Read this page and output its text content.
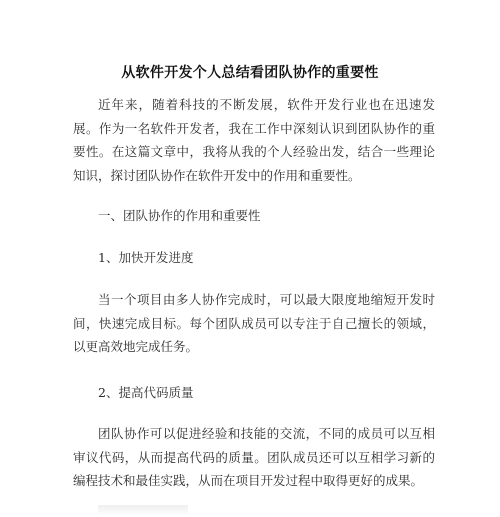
从软件开发个人总结看团队协作的重要性

近年来，随着科技的不断发展，软件开发行业也在迅速发展。作为一名软件开发者，我在工作中深刻认识到团队协作的重要性。在这篇文章中，我将从我的个人经验出发，结合一些理论知识，探讨团队协作在软件开发中的作用和重要性。

一、团队协作的作用和重要性

1、加快开发进度

当一个项目由多人协作完成时，可以最大限度地缩短开发时间，快速完成目标。每个团队成员可以专注于自己擅长的领域，以更高效地完成任务。

2、提高代码质量

团队协作可以促进经验和技能的交流，不同的成员可以互相审议代码，从而提高代码的质量。团队成员还可以互相学习新的编程技术和最佳实践，从而在项目开发过程中取得更好的成果。
